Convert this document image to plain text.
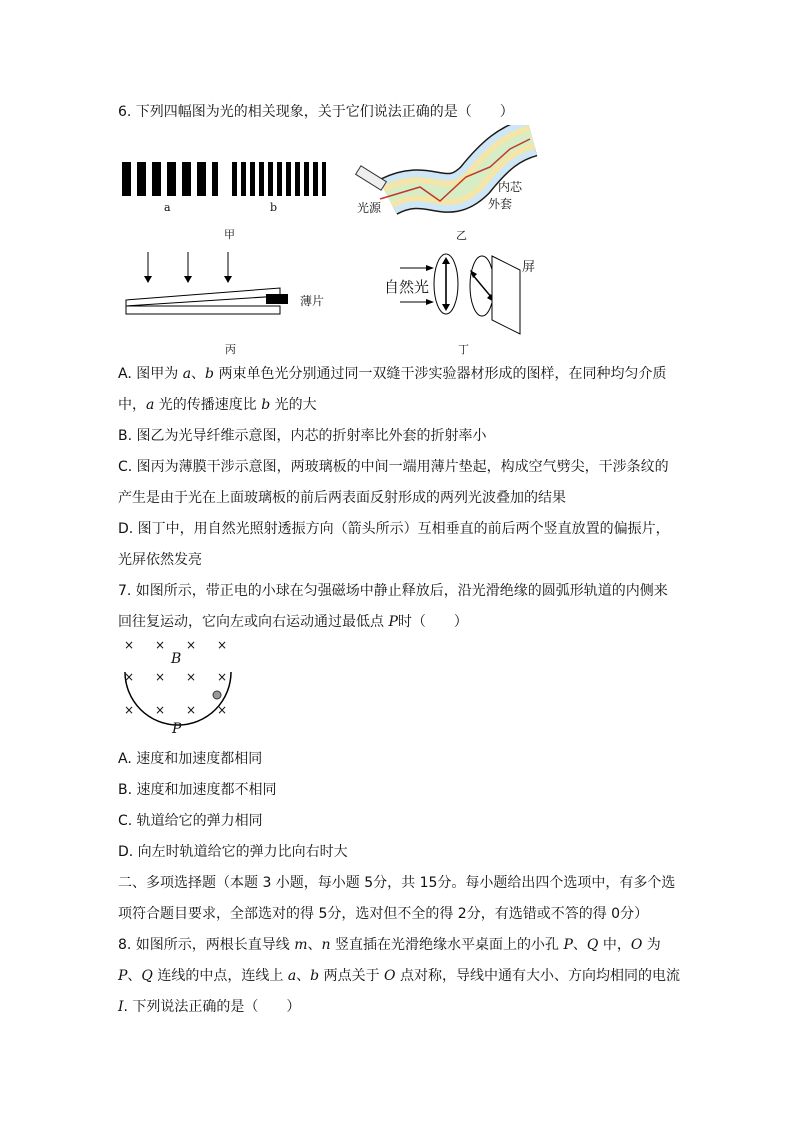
6. 下列四幅图为光的相关现象，关于它们说法正确的是（　　）
a	b
甲
光源
内芯
外套
乙
薄片
丙
自然光
屏
丁
A. 图甲为 a、b 两束单色光分别通过同一双缝干涉实验器材形成的图样，在同种均匀介质
中，a 光的传播速度比 b 光的大
B. 图乙为光导纤维示意图，内芯的折射率比外套的折射率小
C. 图丙为薄膜干涉示意图，两玻璃板的中间一端用薄片垫起，构成空气劈尖，干涉条纹的
产生是由于光在上面玻璃板的前后两表面反射形成的两列光波叠加的结果
D. 图丁中，用自然光照射透振方向（箭头所示）互相垂直的前后两个竖直放置的偏振片，
光屏依然发亮
7. 如图所示，带正电的小球在匀强磁场中静止释放后，沿光滑绝缘的圆弧形轨道的内侧来
回往复运动，它向左或向右运动通过最低点 P时（　　）
× × × ×
× × × ×
× × × ×
B
P
A. 速度和加速度都相同
B. 速度和加速度都不相同
C. 轨道给它的弹力相同
D. 向左时轨道给它的弹力比向右时大
二、多项选择题（本题 3 小题，每小题 5分，共 15分。每小题给出四个选项中，有多个选
项符合题目要求，全部选对的得 5分，选对但不全的得 2分，有选错或不答的得 0分）
8. 如图所示，两根长直导线 m、n 竖直插在光滑绝缘水平桌面上的小孔 P、Q 中，O 为
P、Q 连线的中点，连线上 a、b 两点关于 O 点对称，导线中通有大小、方向均相同的电流
I. 下列说法正确的是（　　）
